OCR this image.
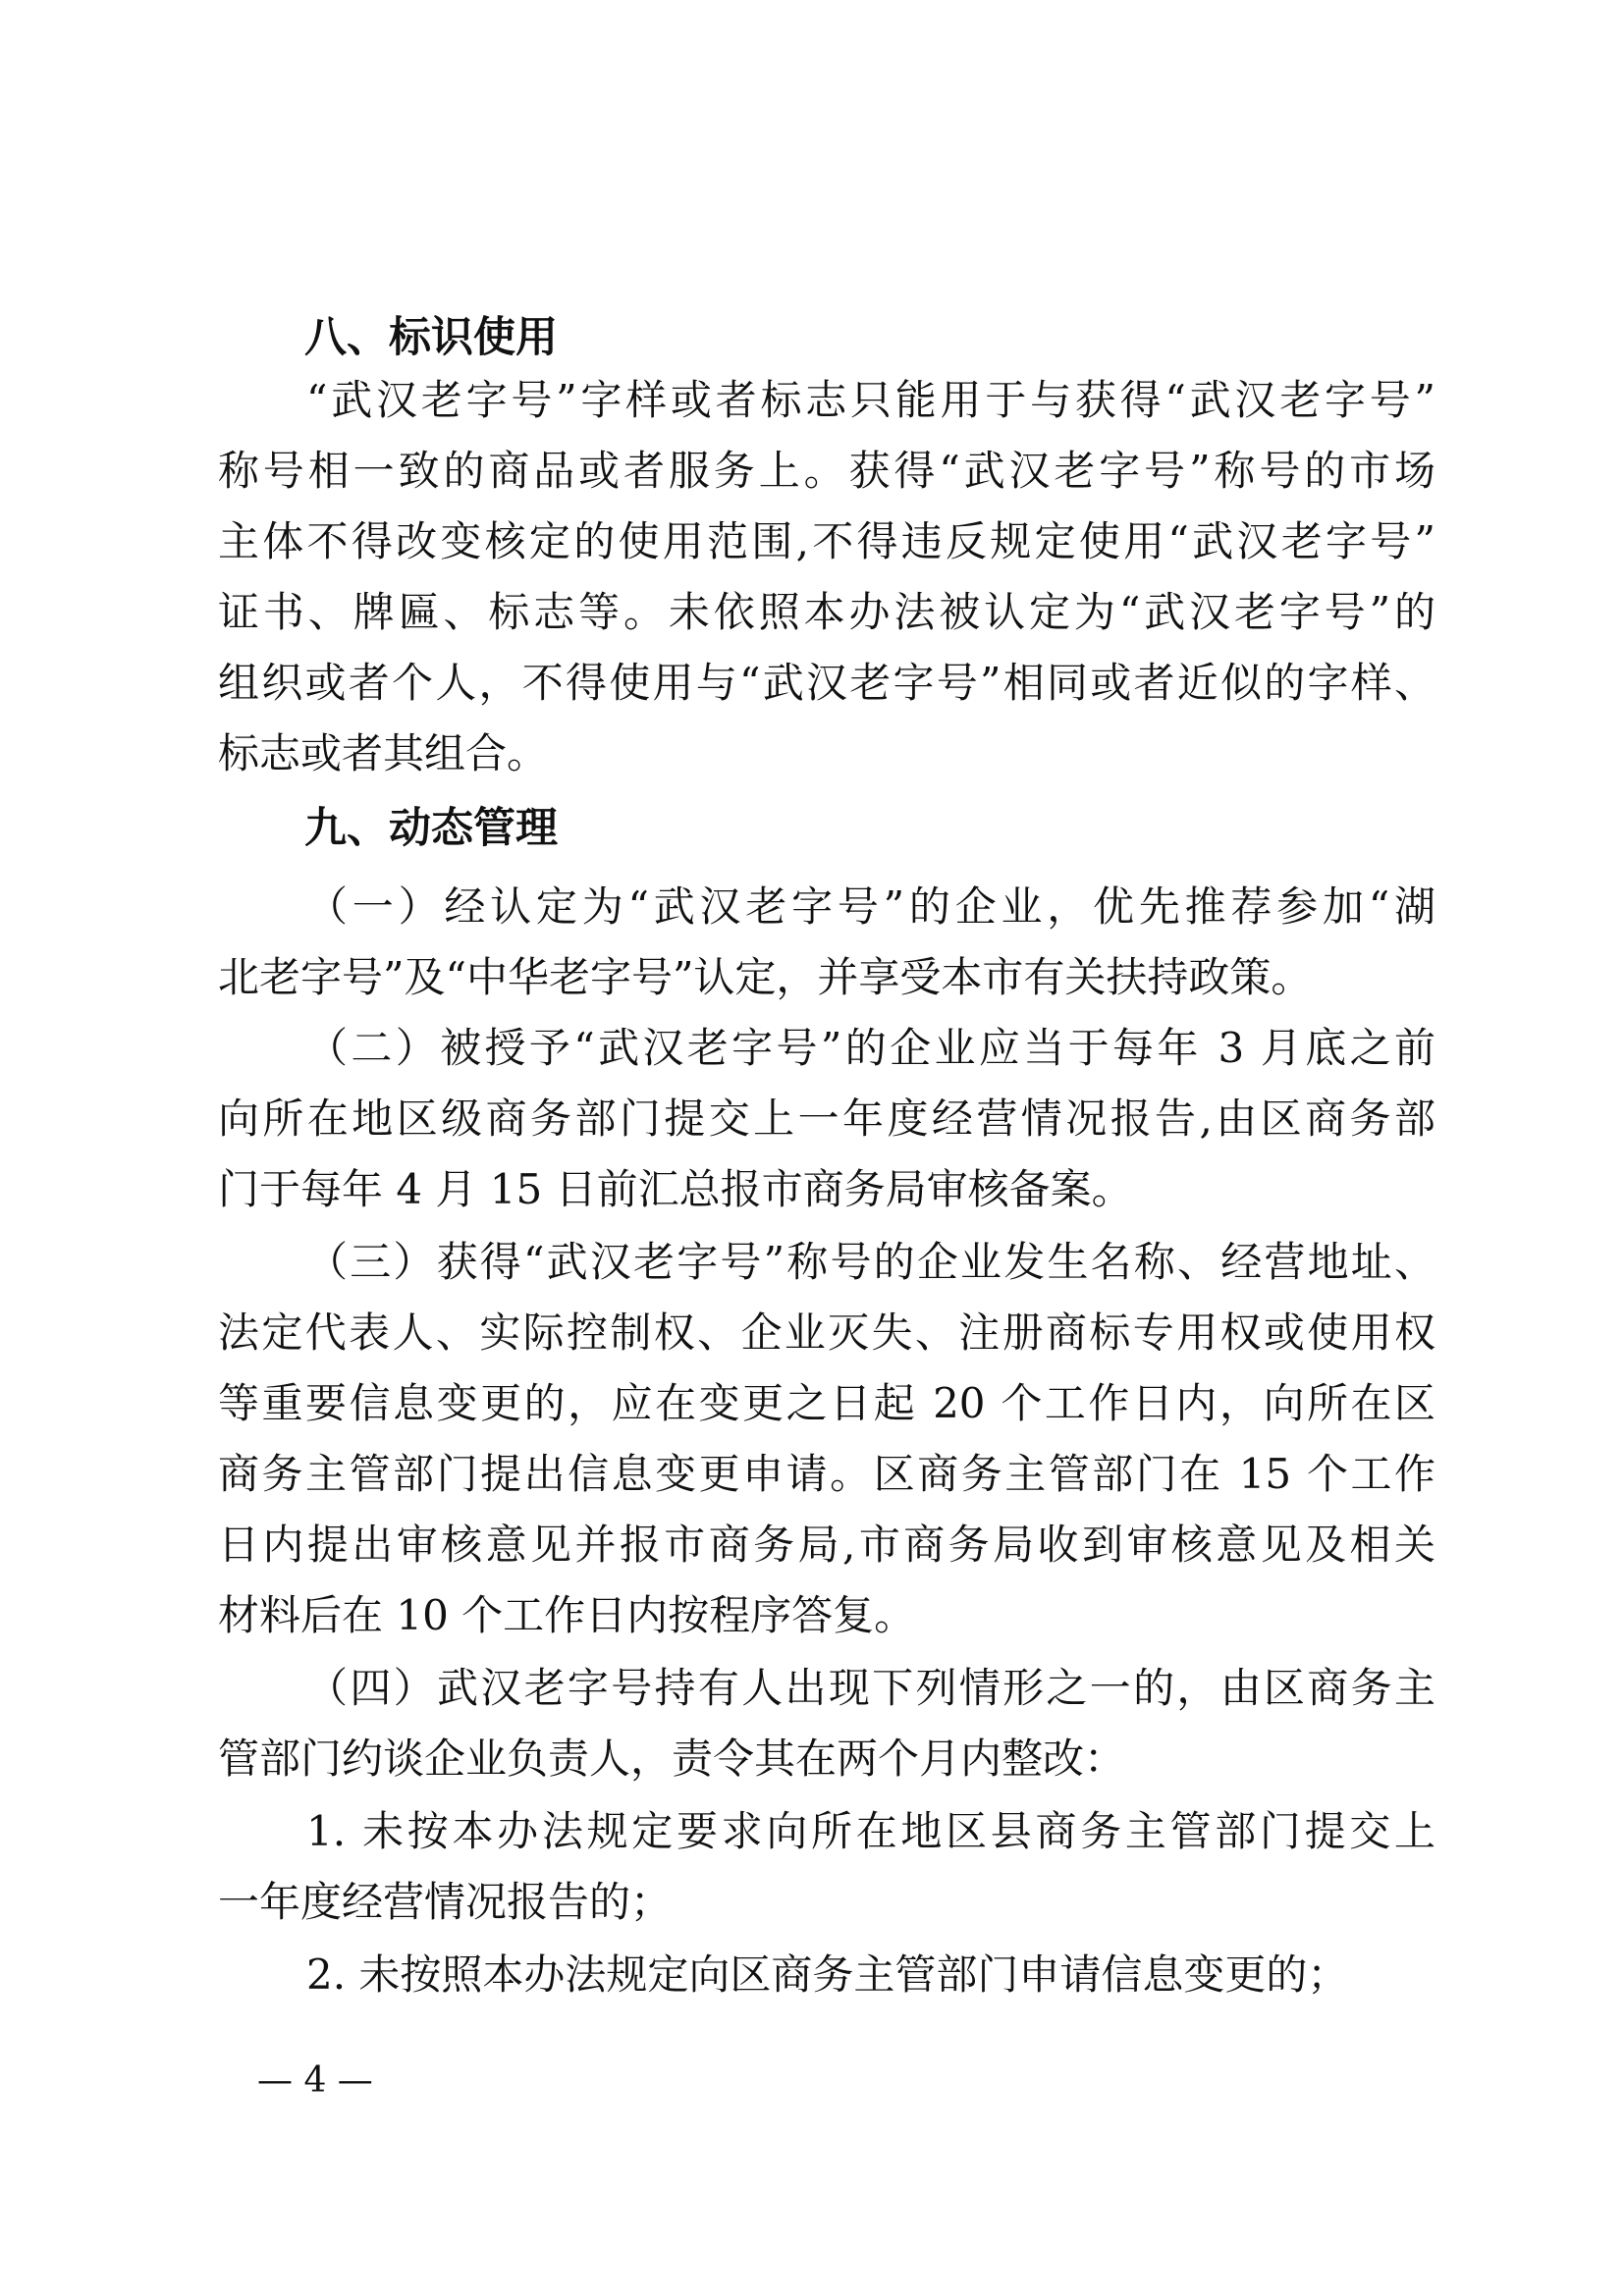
八、标识使用
“武汉老字号”字样或者标志只能用于与获得“武汉老字号”
称号相一致的商品或者服务上。获得“武汉老字号”称号的市场
主体不得改变核定的使用范围,不得违反规定使用“武汉老字号”
证书、牌匾、标志等。未依照本办法被认定为“武汉老字号”的
组织或者个人，不得使用与“武汉老字号”相同或者近似的字样、
标志或者其组合。
九、动态管理
（一）经认定为“武汉老字号”的企业，优先推荐参加“湖
北老字号”及“中华老字号”认定，并享受本市有关扶持政策。
（二）被授予“武汉老字号”的企业应当于每年 3 月底之前
向所在地区级商务部门提交上一年度经营情况报告,由区商务部
门于每年 4 月 15 日前汇总报市商务局审核备案。
（三）获得“武汉老字号”称号的企业发生名称、经营地址、
法定代表人、实际控制权、企业灭失、注册商标专用权或使用权
等重要信息变更的，应在变更之日起 20 个工作日内，向所在区
商务主管部门提出信息变更申请。区商务主管部门在 15 个工作
日内提出审核意见并报市商务局,市商务局收到审核意见及相关
材料后在 10 个工作日内按程序答复。
（四）武汉老字号持有人出现下列情形之一的，由区商务主
管部门约谈企业负责人，责令其在两个月内整改：
1. 未按本办法规定要求向所在地区县商务主管部门提交上
一年度经营情况报告的；
2. 未按照本办法规定向区商务主管部门申请信息变更的；
— 4 —
